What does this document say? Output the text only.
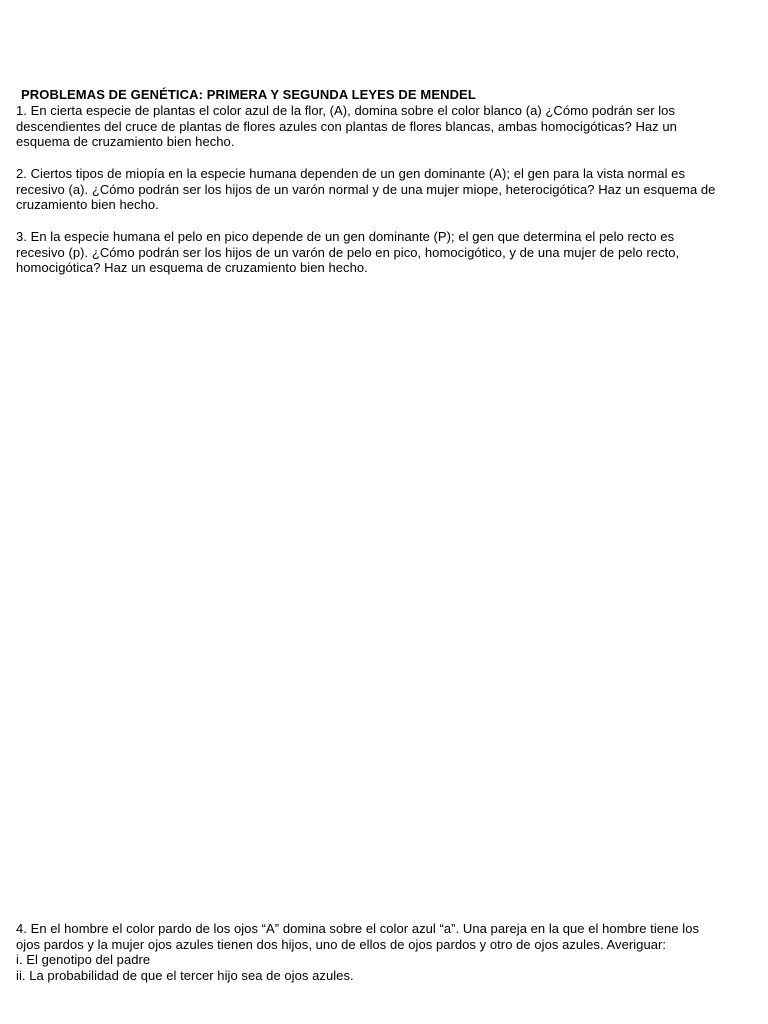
PROBLEMAS DE GENÉTICA: PRIMERA Y SEGUNDA LEYES DE MENDEL

1. En cierta especie de plantas el color azul de la flor, (A), domina sobre el color blanco (a) ¿Cómo podrán ser los descendientes del cruce de plantas de flores azules con plantas de flores blancas, ambas homocigóticas? Haz un esquema de cruzamiento bien hecho.

2. Ciertos tipos de miopía en la especie humana dependen de un gen dominante (A); el gen para la vista normal es recesivo (a). ¿Cómo podrán ser los hijos de un varón normal y de una mujer miope, heterocigótica? Haz un esquema de cruzamiento bien hecho.

3. En la especie humana el pelo en pico depende de un gen dominante (P); el gen que determina el pelo recto es recesivo (p). ¿Cómo podrán ser los hijos de un varón de pelo en pico, homocigótico, y de una mujer de pelo recto, homocigótica? Haz un esquema de cruzamiento bien hecho.

4. En el hombre el color pardo de los ojos “A” domina sobre el color azul “a”. Una pareja en la que el hombre tiene los ojos pardos y la mujer ojos azules tienen dos hijos, uno de ellos de ojos pardos y otro de ojos azules. Averiguar:
i. El genotipo del padre
ii. La probabilidad de que el tercer hijo sea de ojos azules.
